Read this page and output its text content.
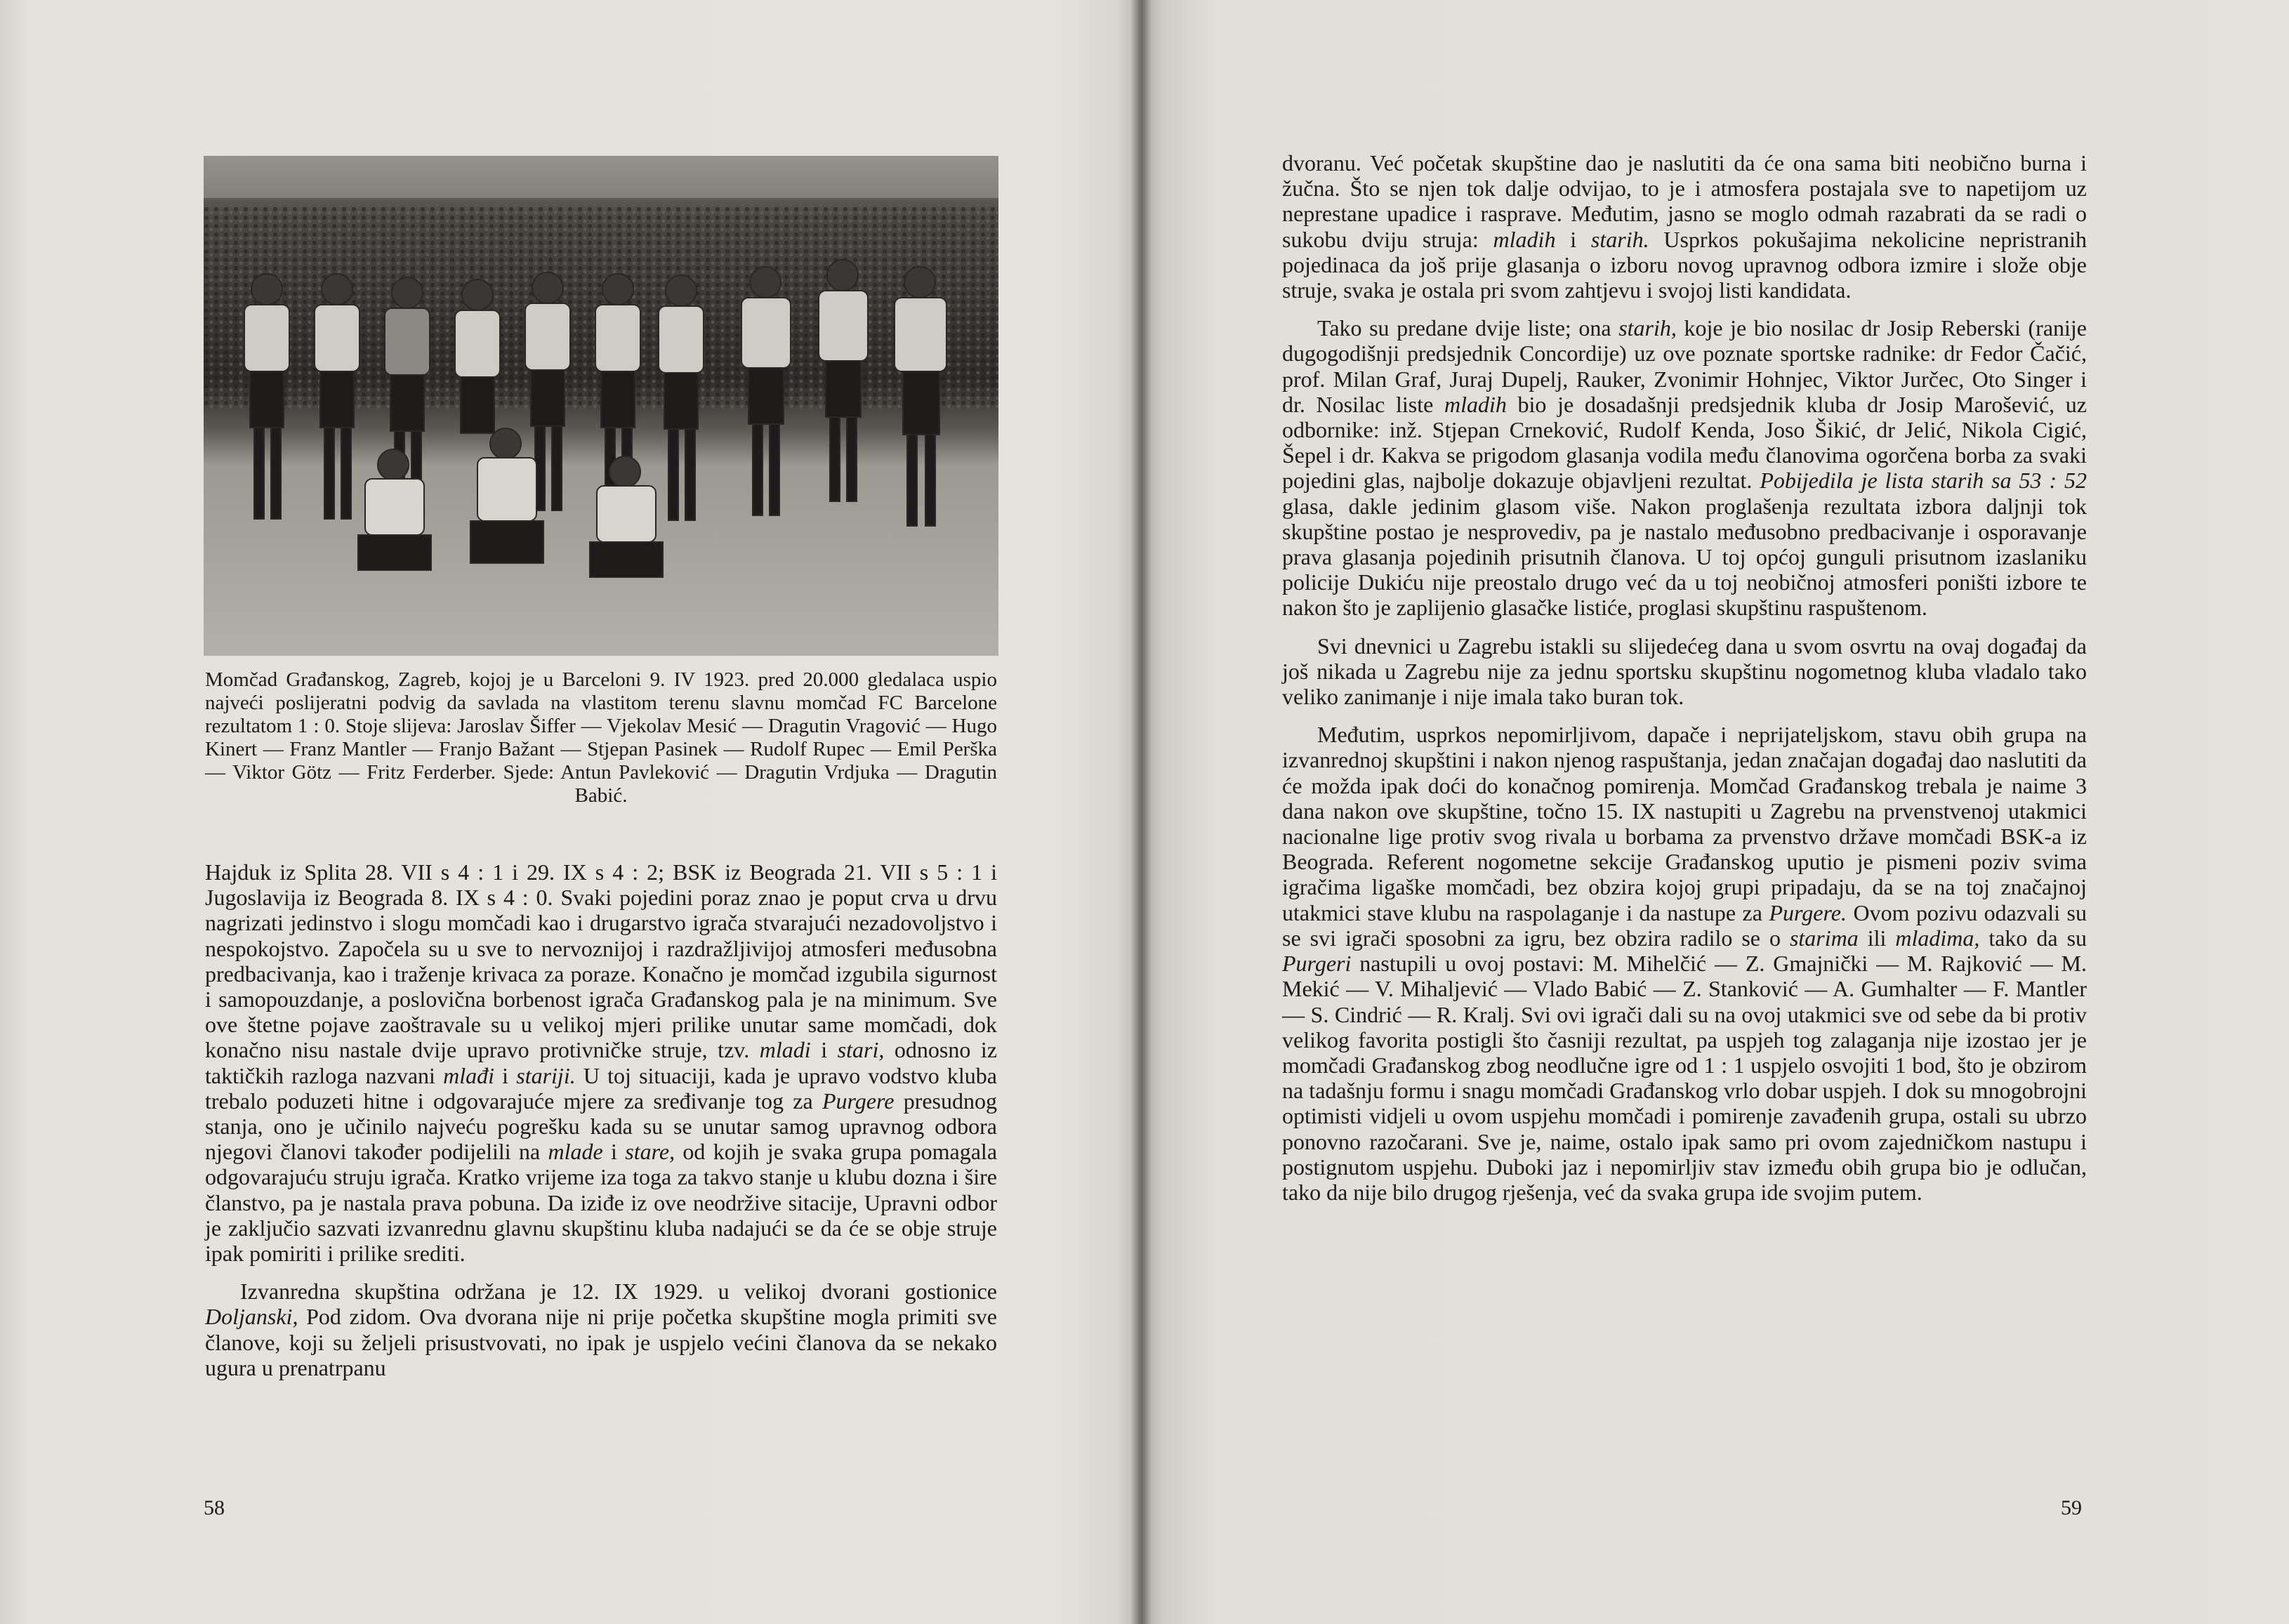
Momčad Građanskog, Zagreb, kojoj je u Barceloni 9. IV 1923. pred 20.000 gledalaca uspio najveći poslijeratni podvig da savlada na vlastitom terenu slavnu momčad FC Barcelone rezultatom 1 : 0. Stoje slijeva: Jaroslav Šiffer — Vjekolav Mesić — Dragutin Vragović — Hugo Kinert — Franz Mantler — Franjo Bažant — Stjepan Pasinek — Rudolf Rupec — Emil Perška — Viktor Götz — Fritz Ferderber. Sjede: Antun Pavleković — Dragutin Vrdjuka — Dragutin Babić.

Hajduk iz Splita 28. VII s 4 : 1 i 29. IX s 4 : 2; BSK iz Beograda 21. VII s 5 : 1 i Jugoslavija iz Beograda 8. IX s 4 : 0. Svaki pojedini poraz znao je poput crva u drvu nagrizati jedinstvo i slogu momčadi kao i drugarstvo igrača stvarajući nezadovoljstvo i nespokojstvo. Započela su u sve to nervoznijoj i razdražljivijoj atmosferi međusobna predbacivanja, kao i traženje krivaca za poraze. Konačno je momčad izgubila sigurnost i samopouzdanje, a poslovična borbenost igrača Građanskog pala je na minimum. Sve ove štetne pojave zaoštravale su u velikoj mjeri prilike unutar same momčadi, dok konačno nisu nastale dvije upravo protivničke struje, tzv. mladi i stari, odnosno iz taktičkih razloga nazvani mlađi i stariji. U toj situaciji, kada je upravo vodstvo kluba trebalo poduzeti hitne i odgovarajuće mjere za sređivanje tog za Purgere presudnog stanja, ono je učinilo najveću pogrešku kada su se unutar samog upravnog odbora njegovi članovi također podijelili na mlade i stare, od kojih je svaka grupa pomagala odgovarajuću struju igrača. Kratko vrijeme iza toga za takvo stanje u klubu dozna i šire članstvo, pa je nastala prava pobuna. Da iziđe iz ove neodržive sitacije, Upravni odbor je zaključio sazvati izvanrednu glavnu skupštinu kluba nadajući se da će se obje struje ipak pomiriti i prilike srediti.

Izvanredna skupština održana je 12. IX 1929. u velikoj dvorani gostionice Doljanski, Pod zidom. Ova dvorana nije ni prije početka skupštine mogla primiti sve članove, koji su željeli prisustvovati, no ipak je uspjelo većini članova da se nekako ugura u prenatrpanu

58

dvoranu. Već početak skupštine dao je naslutiti da će ona sama biti neobično burna i žučna. Što se njen tok dalje odvijao, to je i atmosfera postajala sve to napetijom uz neprestane upadice i rasprave. Međutim, jasno se moglo odmah razabrati da se radi o sukobu dviju struja: mladih i starih. Usprkos pokušajima nekolicine nepristranih pojedinaca da još prije glasanja o izboru novog upravnog odbora izmire i složе obje struje, svaka je ostala pri svom zahtjevu i svojoj listi kandidata.

Tako su predane dvije liste; ona starih, koje je bio nosilac dr Josip Reberski (ranije dugogodišnji predsjednik Concordije) uz ove poznate sportske radnike: dr Fedor Čačić, prof. Milan Graf, Juraj Dupelj, Rauker, Zvonimir Hohnjec, Viktor Jurčec, Oto Singer i dr. Nosilac liste mladih bio je dosadašnji predsjednik kluba dr Josip Marošević, uz odbornike: inž. Stjepan Crneković, Rudolf Kenda, Joso Šikić, dr Jelić, Nikola Cigić, Šepel i dr. Kakva se prigodom glasanja vodila među članovima ogorčena borba za svaki pojedini glas, najbolje dokazuje objavljeni rezultat. Pobijedila je lista starih sa 53 : 52 glasa, dakle jedinim glasom više. Nakon proglašenja rezultata izbora daljnji tok skupštine postao je nesprovediv, pa je nastalo međusobno predbacivanje i osporavanje prava glasanja pojedinih prisutnih članova. U toj općoj gunguli prisutnom izaslaniku policije Dukiću nije preostalo drugo već da u toj neobičnoj atmosferi poništi izbore te nakon što je zaplijenio glasačke listiće, proglasi skupštinu raspuštenom.

Svi dnevnici u Zagrebu istakli su slijedećeg dana u svom osvrtu na ovaj događaj da još nikada u Zagrebu nije za jednu sportsku skupštinu nogometnog kluba vladalo tako veliko zanimanje i nije imala tako buran tok.

Međutim, usprkos nepomirljivom, dapače i neprijateljskom, stavu obih grupa na izvanrednoj skupštini i nakon njenog raspuštanja, jedan značajan događaj dao naslutiti da će možda ipak doći do konačnog pomirenja. Momčad Građanskog trebala je naime 3 dana nakon ove skupštine, točno 15. IX nastupiti u Zagrebu na prvenstvenoj utakmici nacionalne lige protiv svog rivala u borbama za prvenstvo države momčadi BSK-a iz Beograda. Referent nogometne sekcije Građanskog uputio je pismeni poziv svima igračima ligaške momčadi, bez obzira kojoj grupi pripadaju, da se na toj značajnoj utakmici stave klubu na raspolaganje i da nastupe za Purgere. Ovom pozivu odazvali su se svi igrači sposobni za igru, bez obzira radilo se o starima ili mladima, tako da su Purgeri nastupili u ovoj postavi: M. Mihelčić — Z. Gmajnički — M. Rajković — M. Mekić — V. Mihaljević — Vlado Babić — Z. Stanković — A. Gumhalter — F. Mantler — S. Cindrić — R. Kralj. Svi ovi igrači dali su na ovoj utakmici sve od sebe da bi protiv velikog favorita postigli što časniji rezultat, pa uspjeh tog zalaganja nije izostao jer je momčadi Građanskog zbog neodlučne igre od 1 : 1 uspjelo osvojiti 1 bod, što je obzirom na tadašnju formu i snagu momčadi Građanskog vrlo dobar uspjeh. I dok su mnogobrojni optimisti vidjeli u ovom uspjehu momčadi i pomirenje zavađenih grupa, ostali su ubrzo ponovno razočarani. Sve je, naime, ostalo ipak samo pri ovom zajedničkom nastupu i postignutom uspjehu. Duboki jaz i nepomirljiv stav između obih grupa bio je odlučan, tako da nije bilo drugog rješenja, već da svaka grupa ide svojim putem.

59
